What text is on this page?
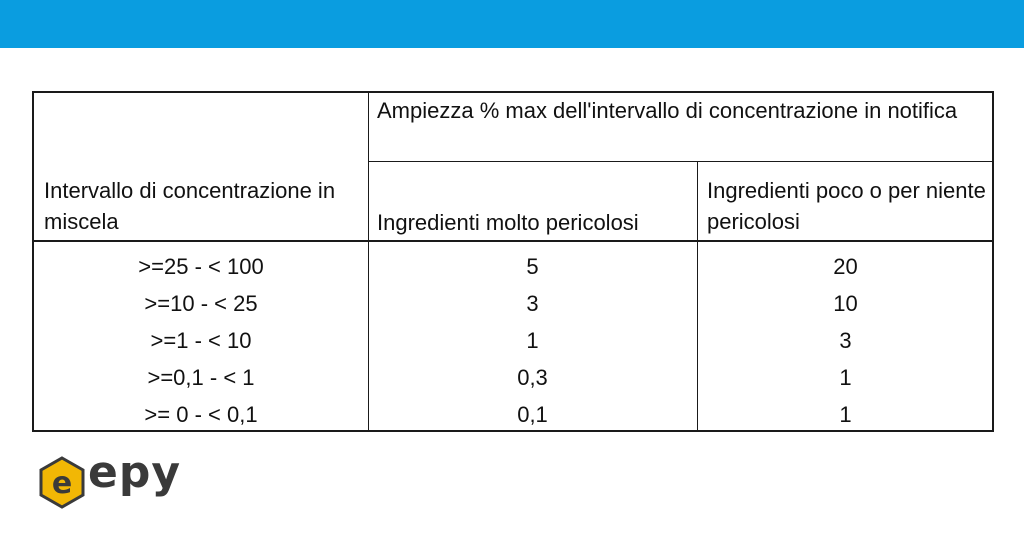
Intervallo di concentrazione in miscela
Ampiezza % max dell'intervallo di concentrazione in notifica
Ingredienti molto pericolosi
Ingredienti poco o per niente pericolosi
>=25 - < 100	5	20
>=10 - < 25	3	10
>=1 - < 10	1	3
>=0,1 - < 1	0,3	1
>= 0 - < 0,1	0,1	1
e epy
